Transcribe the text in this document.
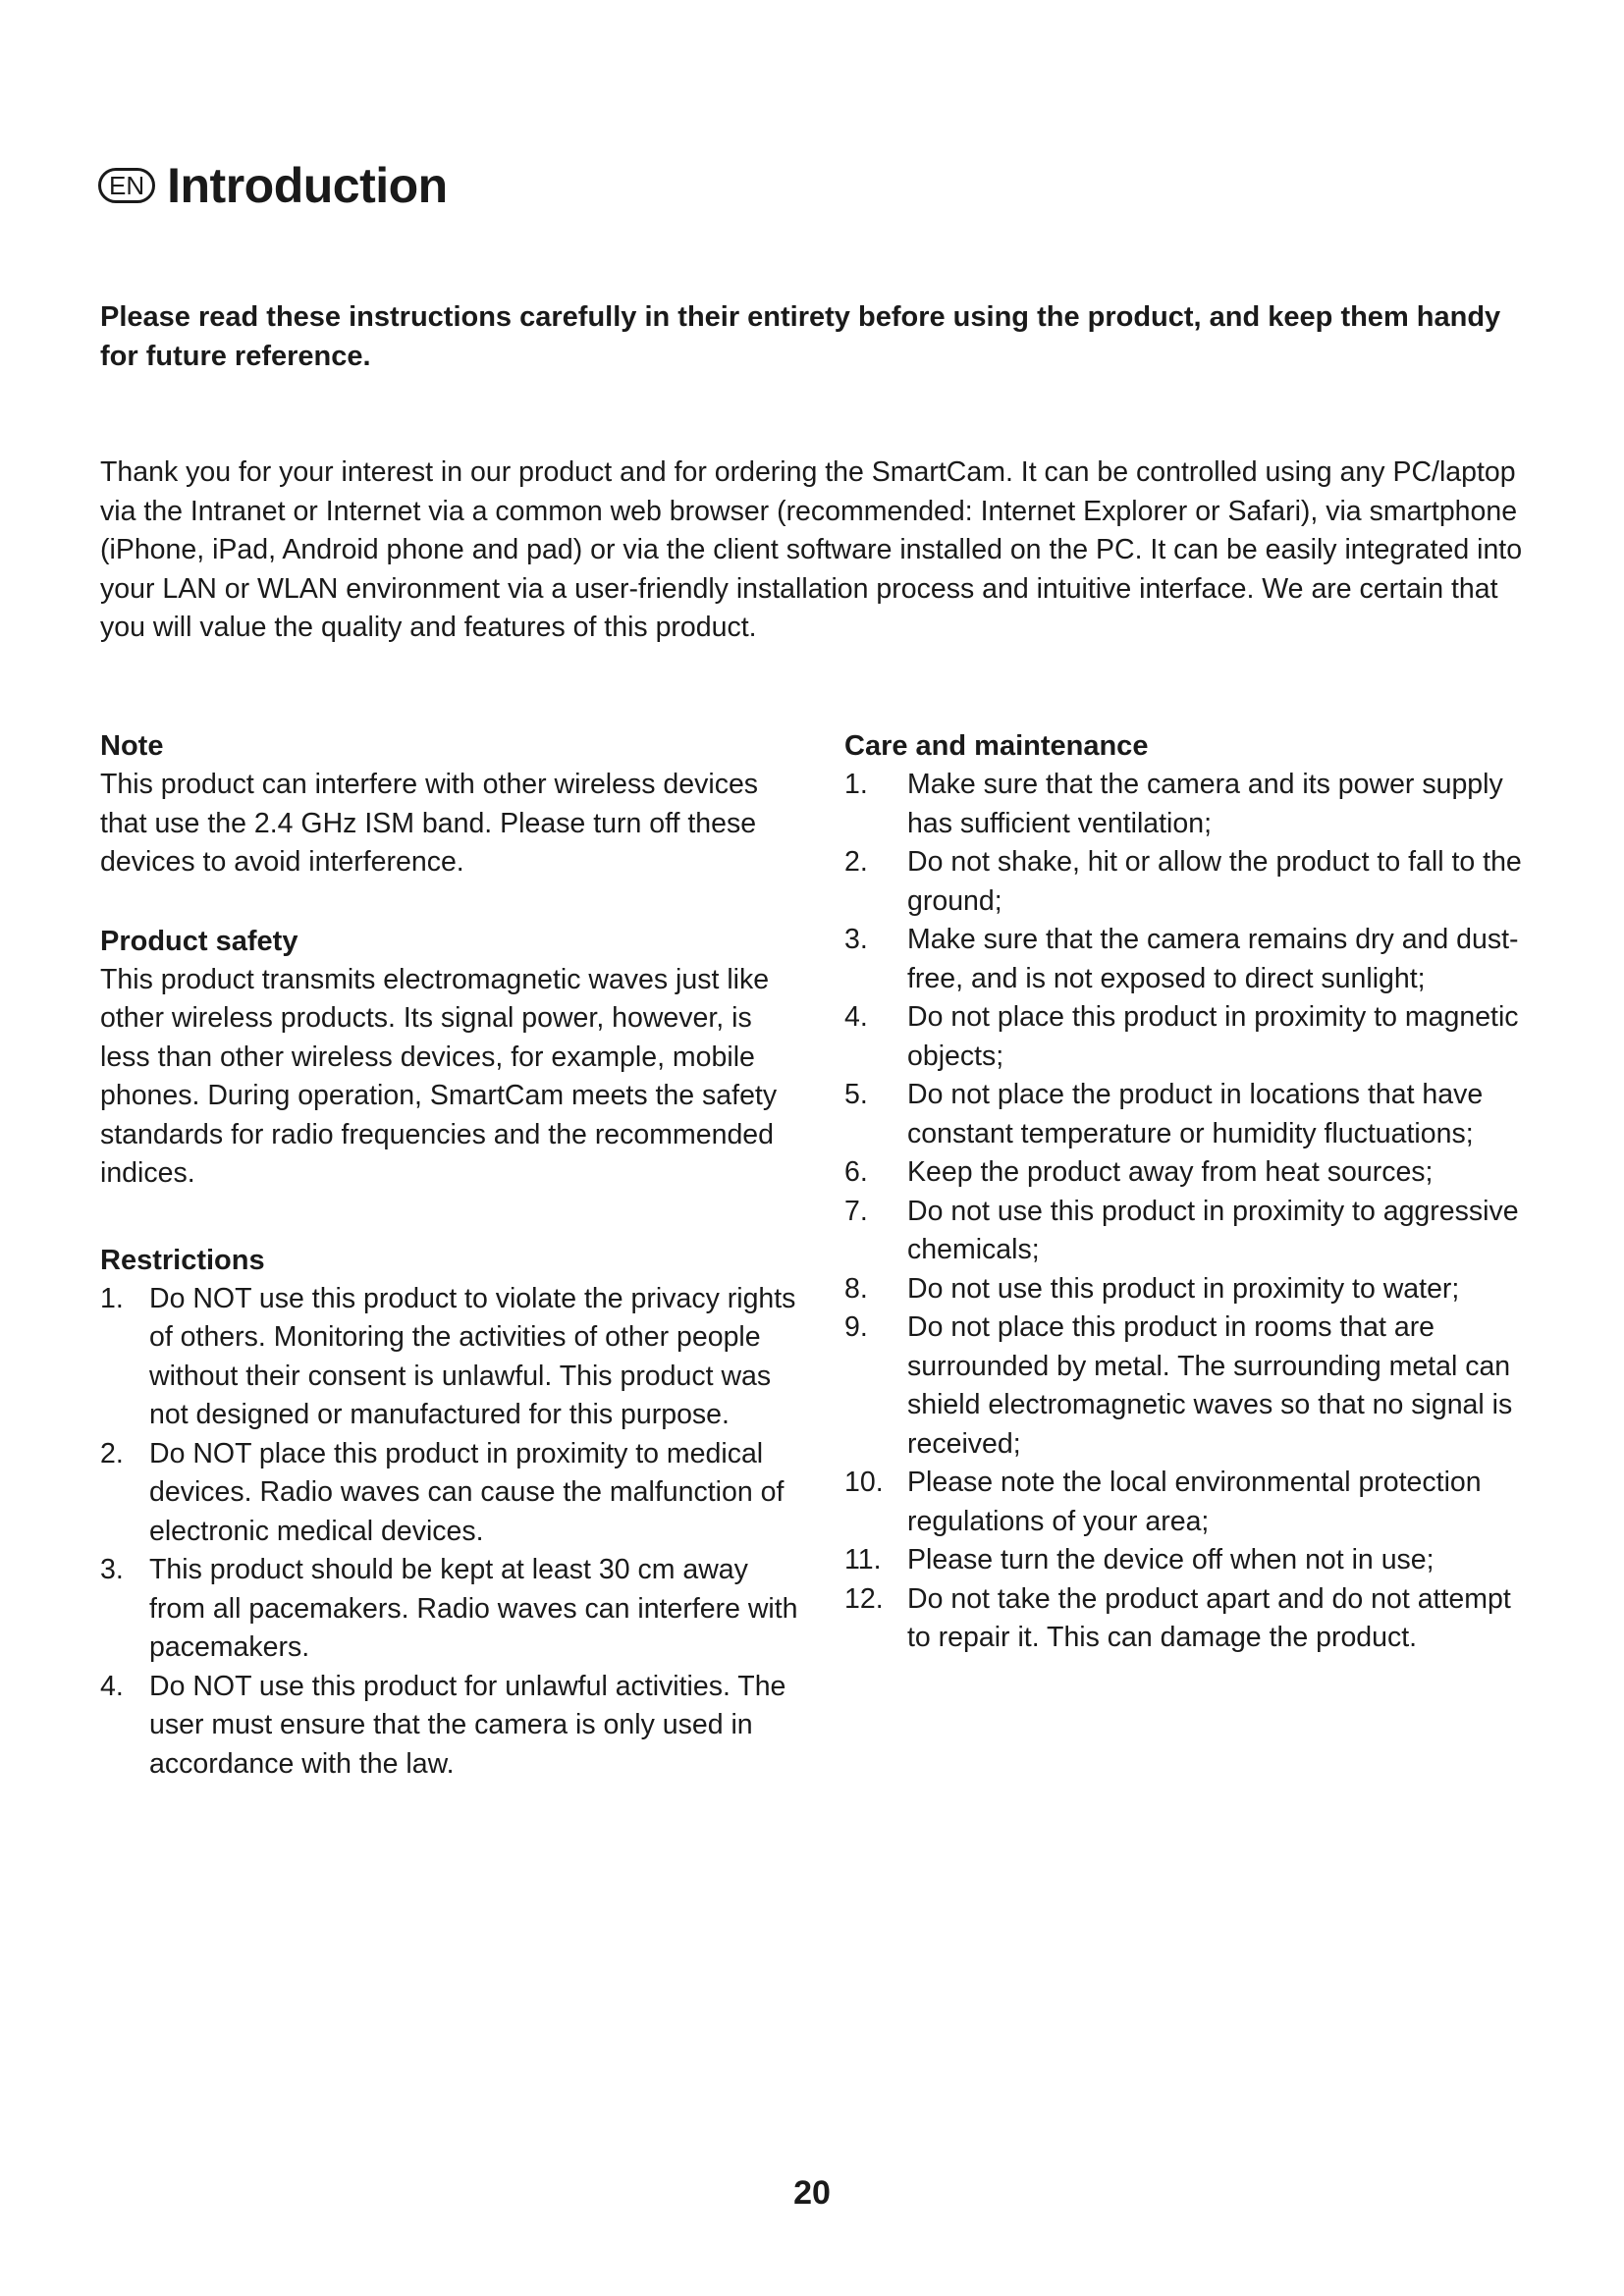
EN Introduction

Please read these instructions carefully in their entirety before using the product, and keep them handy for future reference.

Thank you for your interest in our product and for ordering the SmartCam. It can be controlled using any PC/laptop via the Intranet or Internet via a common web browser (recommended: Internet Explorer or Safari), via smartphone (iPhone, iPad, Android phone and pad) or via the client software installed on the PC. It can be easily integrated into your LAN or WLAN environment via a user-friendly installation process and intuitive interface. We are certain that you will value the quality and features of this product.

Note

This product can interfere with other wireless devices that use the 2.4 GHz ISM band. Please turn off these devices to avoid interference.

Product safety

This product transmits electromagnetic waves just like other wireless products. Its signal power, however, is less than other wireless devices, for example, mobile phones. During operation, SmartCam meets the safety standards for radio frequencies and the recommended indices.

Restrictions
1. Do NOT use this product to violate the privacy rights of others. Monitoring the activities of other people without their consent is unlawful. This product was not designed or manufactured for this purpose.
2. Do NOT place this product in proximity to medical devices. Radio waves can cause the malfunction of electronic medical devices.
3. This product should be kept at least 30 cm away from all pacemakers. Radio waves can interfere with pacemakers.
4. Do NOT use this product for unlawful activities. The user must ensure that the camera is only used in accordance with the law.
Care and maintenance
1. Make sure that the camera and its power supply has sufficient ventilation;
2. Do not shake, hit or allow the product to fall to the ground;
3. Make sure that the camera remains dry and dust-free, and is not exposed to direct sunlight;
4. Do not place this product in proximity to magnetic objects;
5. Do not place the product in locations that have constant temperature or humidity fluctuations;
6. Keep the product away from heat sources;
7. Do not use this product in proximity to aggressive chemicals;
8. Do not use this product in proximity to water;
9. Do not place this product in rooms that are surrounded by metal. The surrounding metal can shield electromagnetic waves so that no signal is received;
10. Please note the local environmental protection regulations of your area;
11. Please turn the device off when not in use;
12. Do not take the product apart and do not attempt to repair it. This can damage the product.
20
